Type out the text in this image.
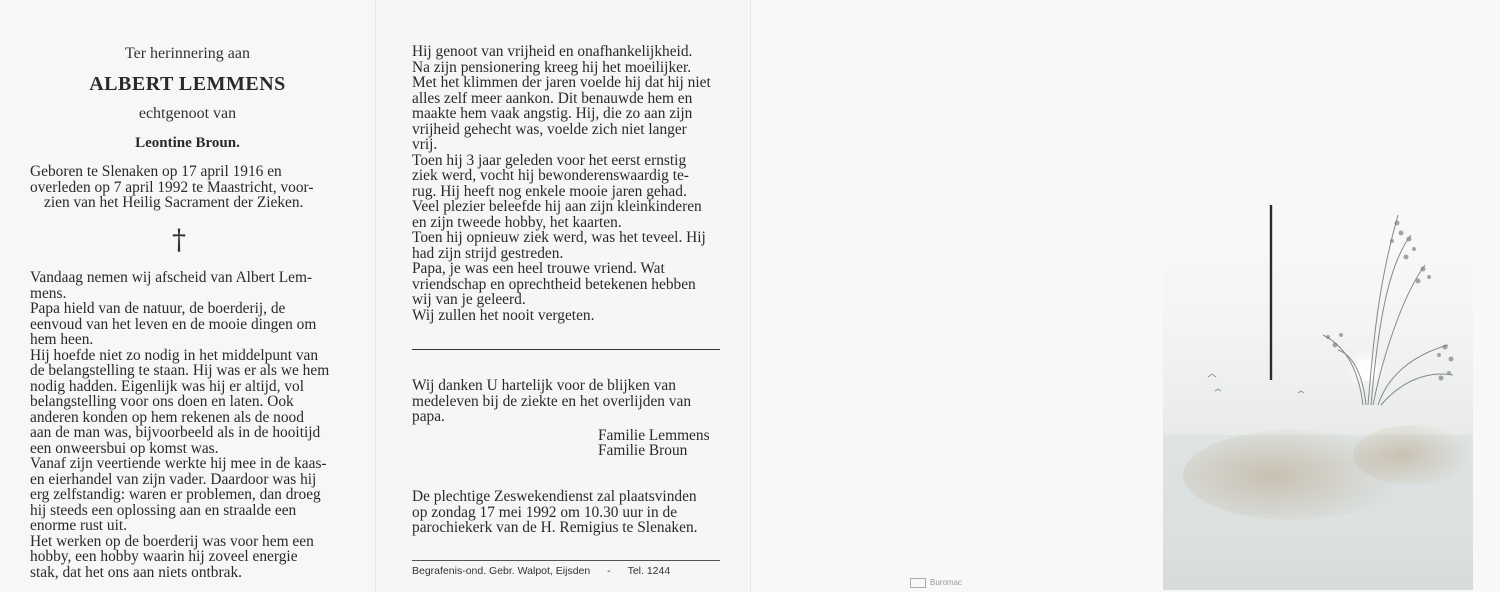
Ter herinnering aan
ALBERT LEMMENS
echtgenoot van
Leontine Broun.

Geboren te Slenaken op 17 april 1916 en

overleden op 7 april 1992 te Maastricht, voor-

zien van het Heilig Sacrament der Zieken.

†

Vandaag nemen wij afscheid van Albert Lem-

mens.

Papa hield van de natuur, de boerderij, de

eenvoud van het leven en de mooie dingen om

hem heen.

Hij hoefde niet zo nodig in het middelpunt van

de belangstelling te staan. Hij was er als we hem

nodig hadden. Eigenlijk was hij er altijd, vol

belangstelling voor ons doen en laten. Ook

anderen konden op hem rekenen als de nood

aan de man was, bijvoorbeeld als in de hooitijd

een onweersbui op komst was.

Vanaf zijn veertiende werkte hij mee in de kaas-

en eierhandel van zijn vader. Daardoor was hij

erg zelfstandig: waren er problemen, dan droeg

hij steeds een oplossing aan en straalde een

enorme rust uit.

Het werken op de boerderij was voor hem een

hobby, een hobby waarin hij zoveel energie

stak, dat het ons aan niets ontbrak.

Hij genoot van vrijheid en onafhankelijkheid.

Na zijn pensionering kreeg hij het moeilijker.

Met het klimmen der jaren voelde hij dat hij niet

alles zelf meer aankon. Dit benauwde hem en

maakte hem vaak angstig. Hij, die zo aan zijn

vrijheid gehecht was, voelde zich niet langer

vrij.

Toen hij 3 jaar geleden voor het eerst ernstig

ziek werd, vocht hij bewonderenswaardig te-

rug. Hij heeft nog enkele mooie jaren gehad.

Veel plezier beleefde hij aan zijn kleinkinderen

en zijn tweede hobby, het kaarten.

Toen hij opnieuw ziek werd, was het teveel. Hij

had zijn strijd gestreden.

Papa, je was een heel trouwe vriend. Wat

vriendschap en oprechtheid betekenen hebben

wij van je geleerd.

Wij zullen het nooit vergeten.

Wij danken U hartelijk voor de blijken van

medeleven bij de ziekte en het overlijden van

papa.

Familie Lemmens
Familie Broun

De plechtige Zeswekendienst zal plaatsvinden

op zondag 17 mei 1992 om 10.30 uur in de

parochiekerk van de H. Remigius te Slenaken.

Begrafenis-ond. Gebr. Walpot, Eijsden - Tel. 1244
Buromac
